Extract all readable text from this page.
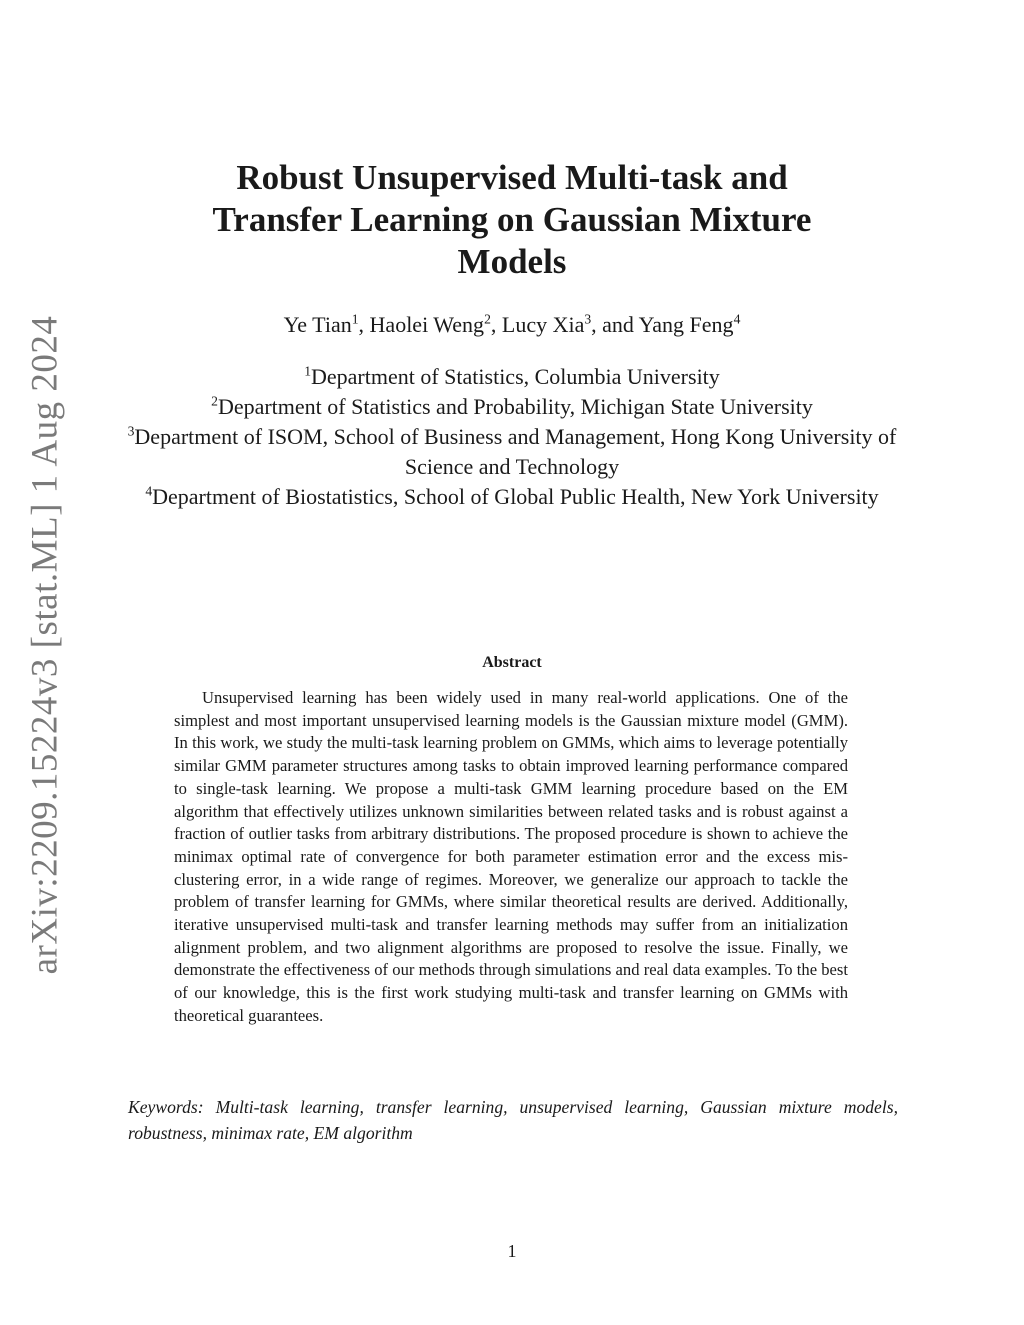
arXiv:2209.15224v3 [stat.ML] 1 Aug 2024
Robust Unsupervised Multi-task and
Transfer Learning on Gaussian Mixture
Models
Ye Tian$^1$, Haolei Weng$^2$, Lucy Xia$^3$, and Yang Feng$^4$
$^1$Department of Statistics, Columbia University
$^2$Department of Statistics and Probability, Michigan State University
$^3$Department of ISOM, School of Business and Management, Hong Kong University of Science and Technology
$^4$Department of Biostatistics, School of Global Public Health, New York University
Abstract

Unsupervised learning has been widely used in many real-world applications. One of the simplest and most important unsupervised learning models is the Gaussian mixture model (GMM). In this work, we study the multi-task learning problem on GMMs, which aims to leverage potentially similar GMM parameter structures among tasks to obtain improved learning performance compared to single-task learning. We propose a multi-task GMM learning procedure based on the EM algorithm that effectively utilizes unknown similarities between related tasks and is robust against a fraction of outlier tasks from arbitrary distributions. The proposed procedure is shown to achieve the minimax optimal rate of convergence for both parameter estimation error and the excess mis-clustering error, in a wide range of regimes. Moreover, we generalize our approach to tackle the problem of transfer learning for GMMs, where similar theoretical results are derived. Additionally, iterative unsupervised multi-task and transfer learning methods may suffer from an initialization alignment problem, and two alignment algorithms are proposed to resolve the issue. Finally, we demonstrate the effectiveness of our methods through simulations and real data examples. To the best of our knowledge, this is the first work studying multi-task and transfer learning on GMMs with theoretical guarantees.

Keywords: Multi-task learning, transfer learning, unsupervised learning, Gaussian mixture models, robustness, minimax rate, EM algorithm

1
